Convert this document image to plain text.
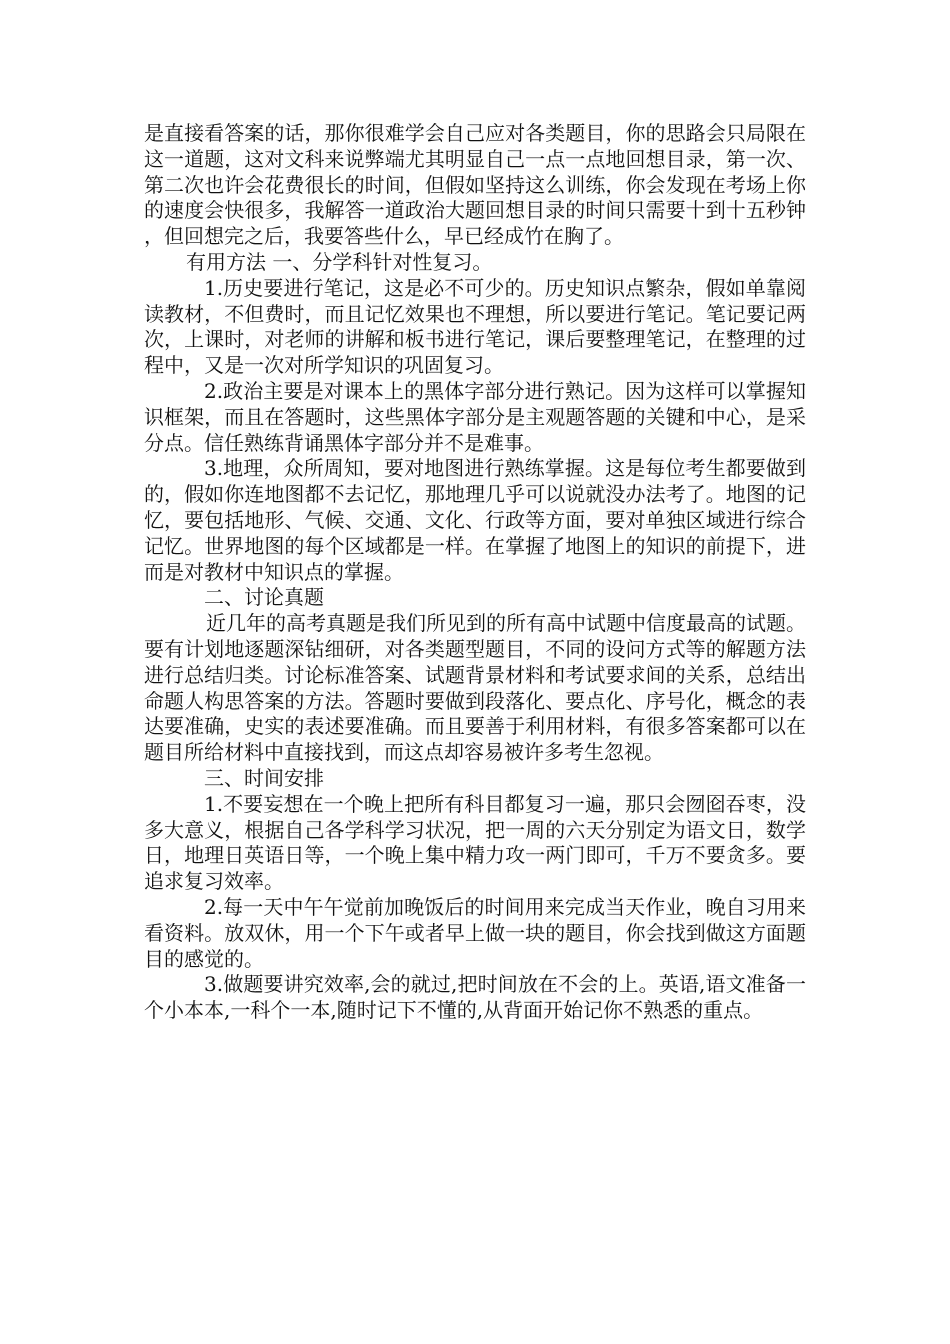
是直接看答案的话，那你很难学会自己应对各类题目，你的思路会只局限在这一道题，这对文科来说弊端尤其明显自己一点一点地回想目录，第一次、第二次也许会花费很长的时间，但假如坚持这么训练，你会发现在考场上你的速度会快很多，我解答一道政治大题回想目录的时间只需要十到十五秒钟，但回想完之后，我要答些什么，早已经成竹在胸了。

有用方法 一、分学科针对性复习。

1.历史要进行笔记，这是必不可少的。历史知识点繁杂，假如单靠阅读教材，不但费时，而且记忆效果也不理想，所以要进行笔记。笔记要记两次，上课时，对老师的讲解和板书进行笔记，课后要整理笔记，在整理的过程中，又是一次对所学知识的巩固复习。

2.政治主要是对课本上的黑体字部分进行熟记。因为这样可以掌握知识框架，而且在答题时，这些黑体字部分是主观题答题的关键和中心，是采分点。信任熟练背诵黑体字部分并不是难事。

3.地理，众所周知，要对地图进行熟练掌握。这是每位考生都要做到的，假如你连地图都不去记忆，那地理几乎可以说就没办法考了。地图的记忆，要包括地形、气候、交通、文化、行政等方面，要对单独区域进行综合记忆。世界地图的每个区域都是一样。在掌握了地图上的知识的前提下，进而是对教材中知识点的掌握。

二、讨论真题

近几年的高考真题是我们所见到的所有高中试题中信度最高的试题。要有计划地逐题深钻细研，对各类题型题目，不同的设问方式等的解题方法进行总结归类。讨论标准答案、试题背景材料和考试要求间的关系，总结出命题人构思答案的方法。答题时要做到段落化、要点化、序号化，概念的表达要准确，史实的表述要准确。而且要善于利用材料，有很多答案都可以在题目所给材料中直接找到，而这点却容易被许多考生忽视。

三、时间安排

1.不要妄想在一个晚上把所有科目都复习一遍，那只会囫囵吞枣，没多大意义，根据自己各学科学习状况，把一周的六天分别定为语文日，数学日，地理日英语日等，一个晚上集中精力攻一两门即可，千万不要贪多。要追求复习效率。

2.每一天中午午觉前加晚饭后的时间用来完成当天作业，晚自习用来看资料。放双休，用一个下午或者早上做一块的题目，你会找到做这方面题目的感觉的。

3.做题要讲究效率,会的就过,把时间放在不会的上。英语,语文准备一个小本本,一科个一本,随时记下不懂的,从背面开始记你不熟悉的重点。
